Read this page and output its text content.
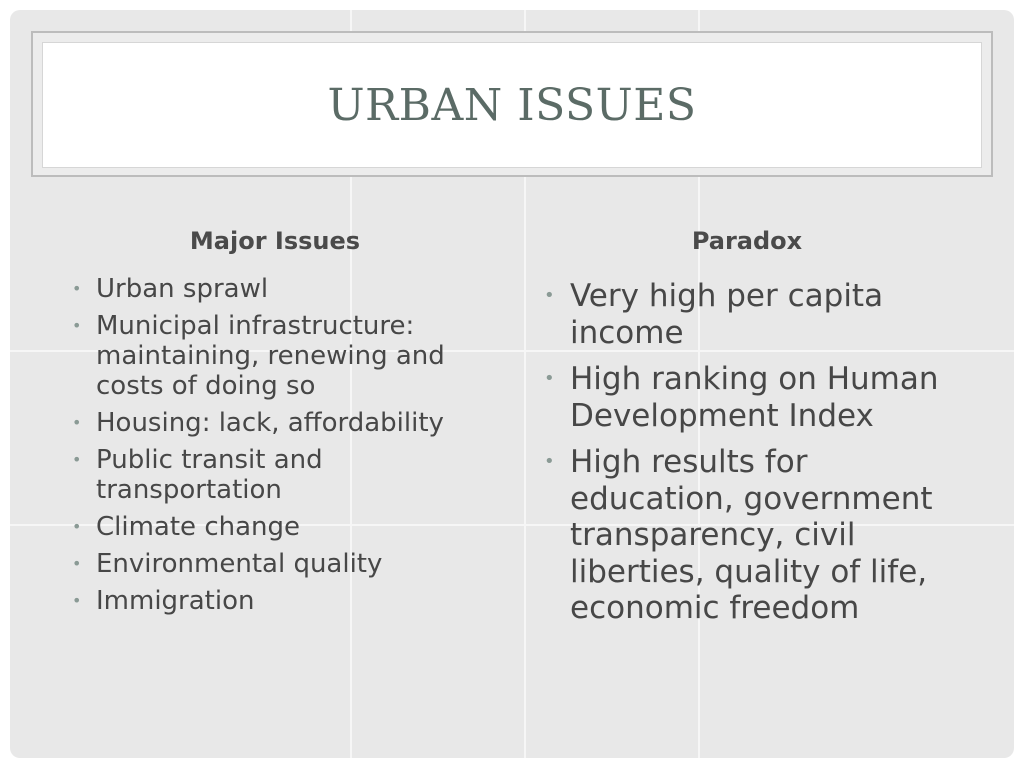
URBAN ISSUES
Major Issues
• Urban sprawl
• Municipal infrastructure: maintaining, renewing and costs of doing so
• Housing: lack, affordability
• Public transit and transportation
• Climate change
• Environmental quality
• Immigration
Paradox
• Very high per capita income
• High ranking on Human Development Index
• High results for education, government transparency, civil liberties, quality of life, economic freedom
